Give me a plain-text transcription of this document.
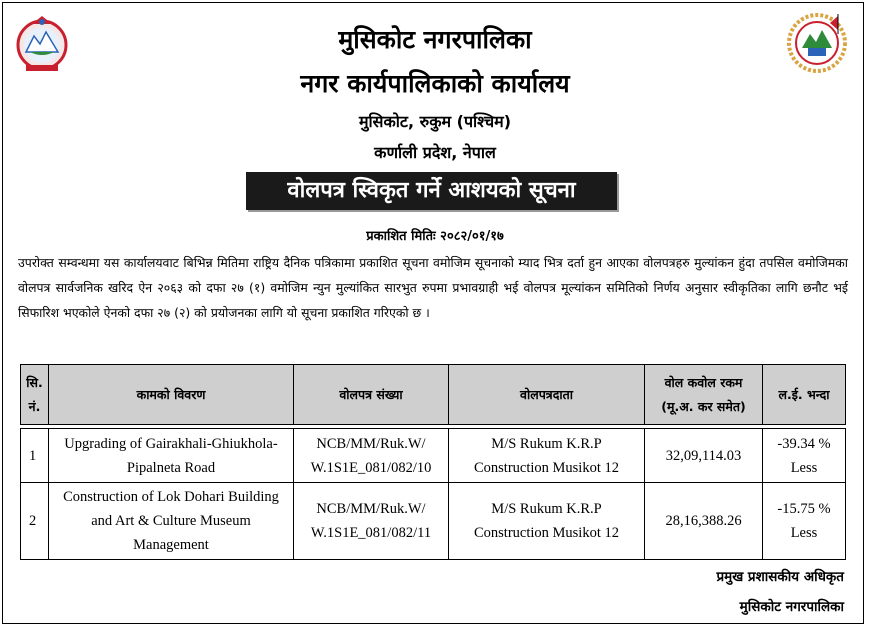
मुसिकोट नगरपालिका
नगर कार्यपालिकाको कार्यालय
मुसिकोट, रुकुम (पश्चिम)
कर्णाली प्रदेश, नेपाल
वोलपत्र स्विकृत गर्ने आशयको सूचना
प्रकाशित मितिः २०८२/०१/१७
उपरोक्त सम्वन्धमा यस कार्यालयवाट बिभिन्न मितिमा राष्ट्रिय दैनिक पत्रिकामा प्रकाशित सूचना वमोजिम सूचनाको म्याद भित्र दर्ता हुन आएका वोलपत्रहरु मुल्यांकन हुंदा तपसिल वमोजिमका वोलपत्र सार्वजनिक खरिद ऐन २०६३ को दफा २७ (१) वमोजिम न्युन मुल्यांकित सारभुत रुपमा प्रभावग्राही भई वोलपत्र मूल्यांकन समितिको निर्णय अनुसार स्वीकृतिका लागि छनौट भई सिफारिश भएकोले ऐनको दफा २७ (२) को प्रयोजनका लागि यो सूचना प्रकाशित गरिएको छ ।
सि. नं.	कामको विवरण	वोलपत्र संख्या	वोलपत्रदाता	वोल कवोल रकम (मू.अ. कर समेत)	ल.ई. भन्दा

1	Upgrading of Gairakhali-Ghiukhola- Pipalneta Road	NCB/MM/Ruk.W/ W.1S1E_081/082/10	M/S Rukum K.R.P Construction Musikot 12	32,09,114.03	-39.34 % Less
2	Construction of Lok Dohari Building and Art & Culture Museum Management	NCB/MM/Ruk.W/ W.1S1E_081/082/11	M/S Rukum K.R.P Construction Musikot 12	28,16,388.26	-15.75 % Less
प्रमुख प्रशासकीय अधिकृत
मुसिकोट नगरपालिका
